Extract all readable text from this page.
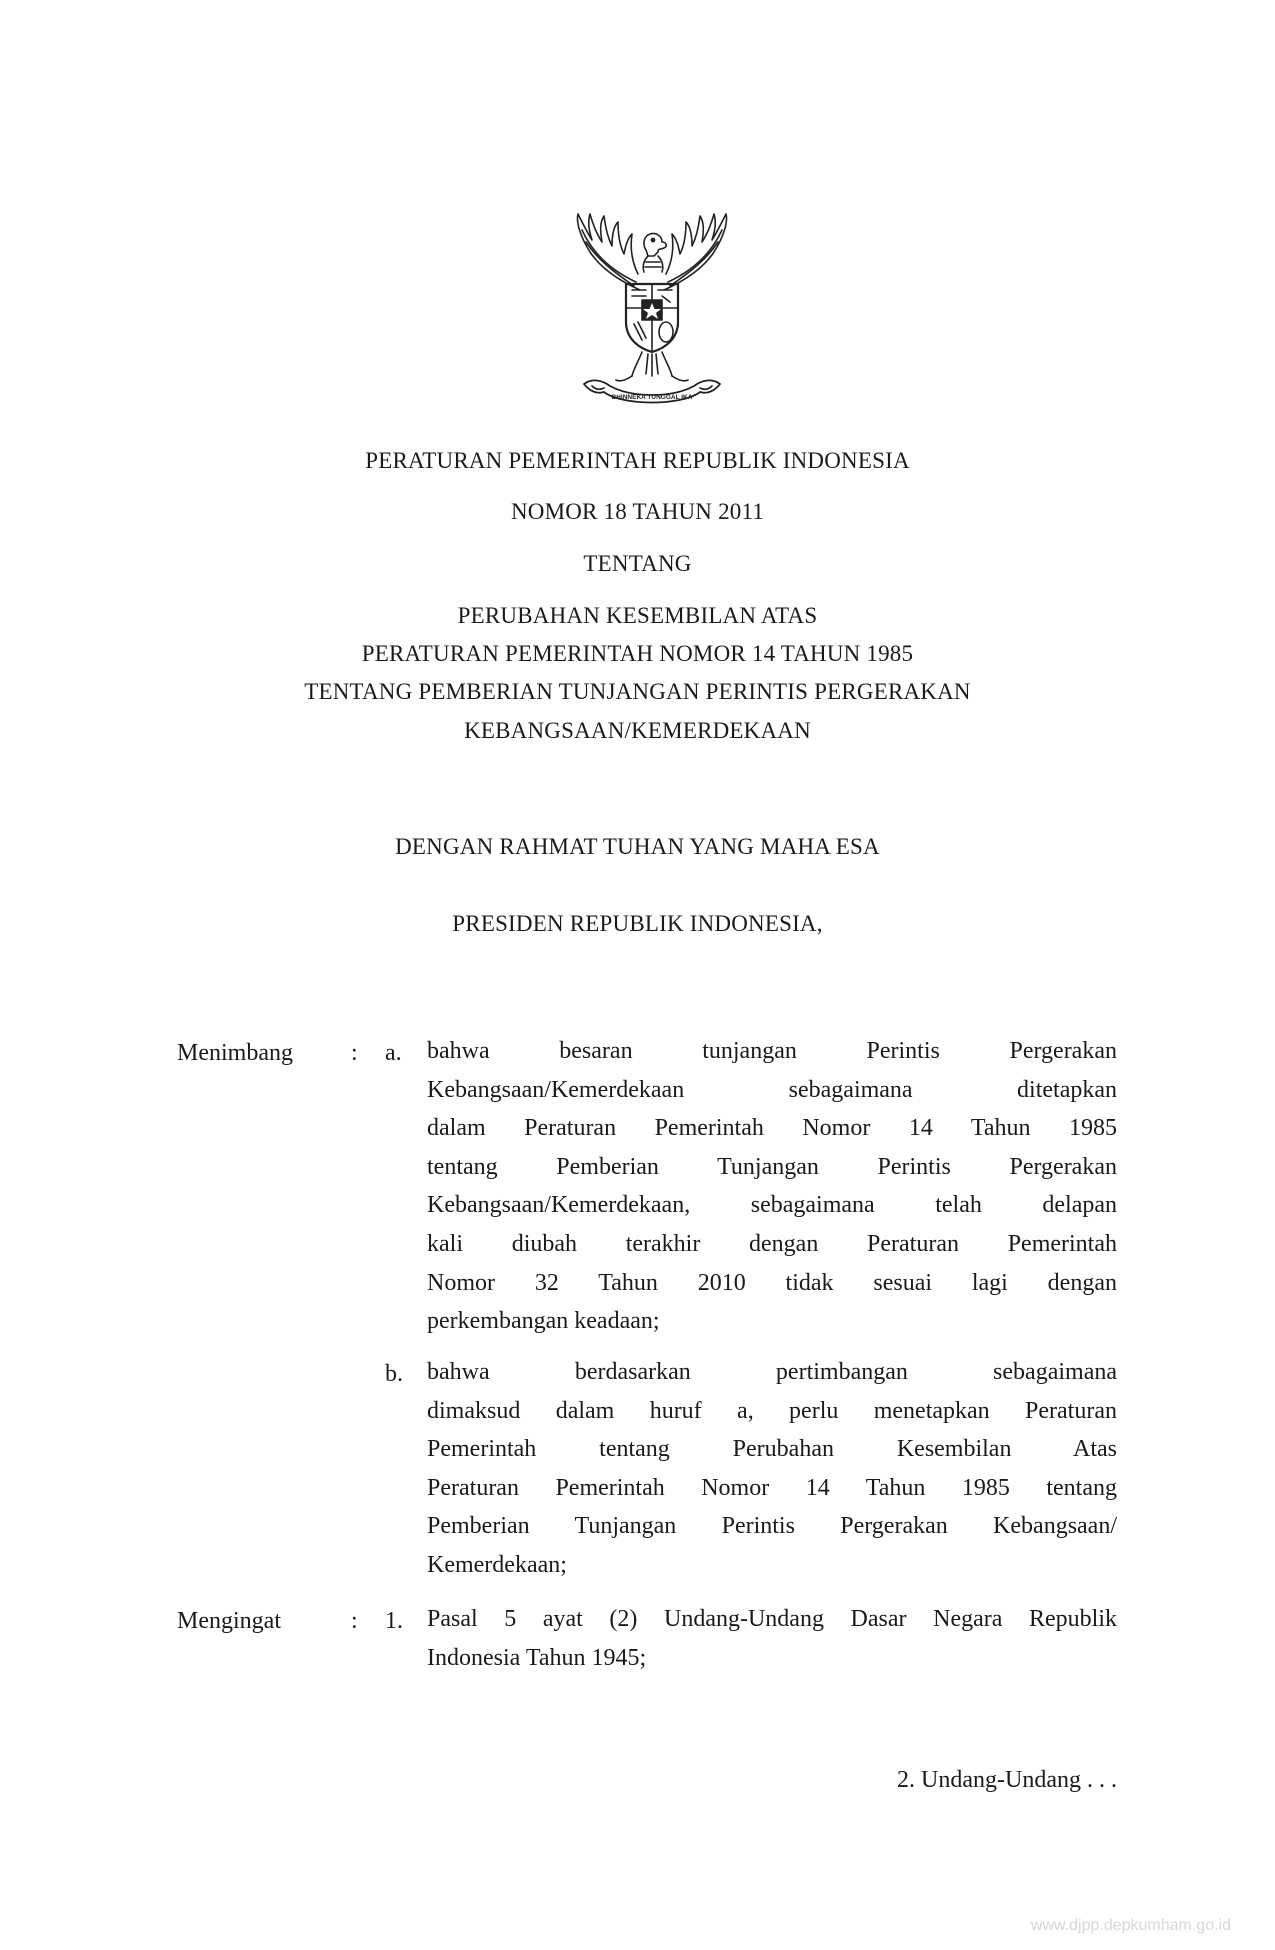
BHINNEKA TUNGGAL IKA
PERATURAN PEMERINTAH REPUBLIK INDONESIA
NOMOR 18 TAHUN 2011
TENTANG
PERUBAHAN KESEMBILAN ATAS
PERATURAN PEMERINTAH NOMOR 14 TAHUN 1985
TENTANG PEMBERIAN TUNJANGAN PERINTIS PERGERAKAN
KEBANGSAAN/KEMERDEKAAN
DENGAN RAHMAT TUHAN YANG MAHA ESA
PRESIDEN REPUBLIK INDONESIA,
Menimbang : a. bahwa besaran tunjangan Perintis Pergerakan
Kebangsaan/Kemerdekaan sebagaimana ditetapkan
dalam Peraturan Pemerintah Nomor 14 Tahun 1985
tentang Pemberian Tunjangan Perintis Pergerakan
Kebangsaan/Kemerdekaan, sebagaimana telah delapan
kali diubah terakhir dengan Peraturan Pemerintah
Nomor 32 Tahun 2010 tidak sesuai lagi dengan
perkembangan keadaan;
b. bahwa berdasarkan pertimbangan sebagaimana
dimaksud dalam huruf a, perlu menetapkan Peraturan
Pemerintah tentang Perubahan Kesembilan Atas
Peraturan Pemerintah Nomor 14 Tahun 1985 tentang
Pemberian Tunjangan Perintis Pergerakan Kebangsaan/
Kemerdekaan;
Mengingat	: 1. Pasal 5 ayat (2) Undang-Undang Dasar Negara Republik
Indonesia Tahun 1945;
2. Undang-Undang . . .
www.djpp.depkumham.go.id
